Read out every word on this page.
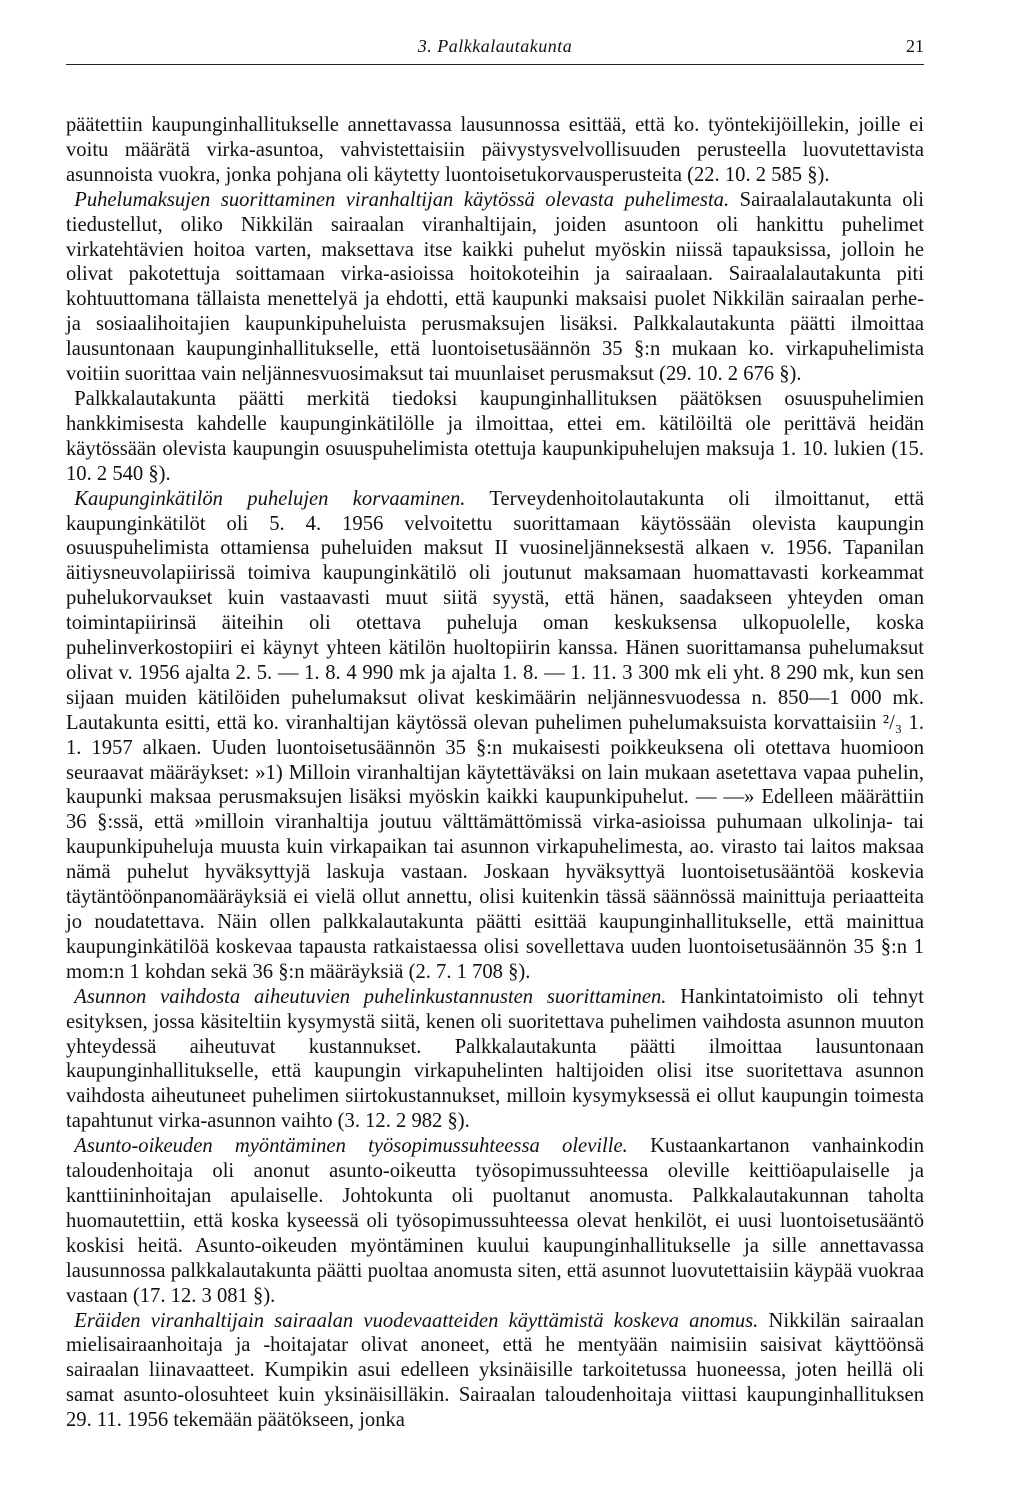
3. Palkkalautakunta	21

päätettiin kaupunginhallitukselle annettavassa lausunnossa esittää, että ko. työntekijöillekin, joille ei voitu määrätä virka-asuntoa, vahvistettaisiin päivystysvelvollisuuden perusteella luovutettavista asunnoista vuokra, jonka pohjana oli käytetty luontoisetukorvausperusteita (22. 10. 2 585 §).

Puhelumaksujen suorittaminen viranhaltijan käytössä olevasta puhelimesta. Sairaalalautakunta oli tiedustellut, oliko Nikkilän sairaalan viranhaltijain, joiden asuntoon oli hankittu puhelimet virkatehtävien hoitoa varten, maksettava itse kaikki puhelut myöskin niissä tapauksissa, jolloin he olivat pakotettuja soittamaan virka-asioissa hoitokoteihin ja sairaalaan. Sairaalalautakunta piti kohtuuttomana tällaista menettelyä ja ehdotti, että kaupunki maksaisi puolet Nikkilän sairaalan perhe- ja sosiaalihoitajien kaupunkipuheluista perusmaksujen lisäksi. Palkkalautakunta päätti ilmoittaa lausuntonaan kaupunginhallitukselle, että luontoisetusäännön 35 §:n mukaan ko. virkapuhelimista voitiin suorittaa vain neljännesvuosimaksut tai muunlaiset perusmaksut (29. 10. 2 676 §).

Palkkalautakunta päätti merkitä tiedoksi kaupunginhallituksen päätöksen osuuspuhelimien hankkimisesta kahdelle kaupunginkätilölle ja ilmoittaa, ettei em. kätilöiltä ole perittävä heidän käytössään olevista kaupungin osuuspuhelimista otettuja kaupunkipuhelujen maksuja 1. 10. lukien (15. 10. 2 540 §).

Kaupunginkätilön puhelujen korvaaminen. Terveydenhoitolautakunta oli ilmoittanut, että kaupunginkätilöt oli 5. 4. 1956 velvoitettu suorittamaan käytössään olevista kaupungin osuuspuhelimista ottamiensa puheluiden maksut II vuosineljänneksestä alkaen v. 1956. Tapanilan äitiysneuvolapiirissä toimiva kaupunginkätilö oli joutunut maksamaan huomattavasti korkeammat puhelukorvaukset kuin vastaavasti muut siitä syystä, että hänen, saadakseen yhteyden oman toimintapiirinsä äiteihin oli otettava puheluja oman keskuksensa ulkopuolelle, koska puhelinverkostopiiri ei käynyt yhteen kätilön huoltopiirin kanssa. Hänen suorittamansa puhelumaksut olivat v. 1956 ajalta 2. 5. — 1. 8. 4 990 mk ja ajalta 1. 8. — 1. 11. 3 300 mk eli yht. 8 290 mk, kun sen sijaan muiden kätilöiden puhelumaksut olivat keskimäärin neljännesvuodessa n. 850—1 000 mk. Lautakunta esitti, että ko. viranhaltijan käytössä olevan puhelimen puhelumaksuista korvattaisiin ²/₃ 1. 1. 1957 alkaen. Uuden luontoisetusäännön 35 §:n mukaisesti poikkeuksena oli otettava huomioon seuraavat määräykset: »1) Milloin viranhaltijan käytettäväksi on lain mukaan asetettava vapaa puhelin, kaupunki maksaa perusmaksujen lisäksi myöskin kaikki kaupunkipuhelut. — —» Edelleen määrättiin 36 §:ssä, että »milloin viranhaltija joutuu välttämättömissä virka-asioissa puhumaan ulkolinja- tai kaupunkipuheluja muusta kuin virkapaikan tai asunnon virkapuhelimesta, ao. virasto tai laitos maksaa nämä puhelut hyväksyttyjä laskuja vastaan. Joskaan hyväksyttyä luontoisetusääntöä koskevia täytäntöönpanomääräyksiä ei vielä ollut annettu, olisi kuitenkin tässä säännössä mainittuja periaatteita jo noudatettava. Näin ollen palkkalautakunta päätti esittää kaupunginhallitukselle, että mainittua kaupunginkätilöä koskevaa tapausta ratkaistaessa olisi sovellettava uuden luontoisetusäännön 35 §:n 1 mom:n 1 kohdan sekä 36 §:n määräyksiä (2. 7. 1 708 §).

Asunnon vaihdosta aiheutuvien puhelinkustannusten suorittaminen. Hankintatoimisto oli tehnyt esityksen, jossa käsiteltiin kysymystä siitä, kenen oli suoritettava puhelimen vaihdosta asunnon muuton yhteydessä aiheutuvat kustannukset. Palkkalautakunta päätti ilmoittaa lausuntonaan kaupunginhallitukselle, että kaupungin virkapuhelinten haltijoiden olisi itse suoritettava asunnon vaihdosta aiheutuneet puhelimen siirtokustannukset, milloin kysymyksessä ei ollut kaupungin toimesta tapahtunut virka-asunnon vaihto (3. 12. 2 982 §).

Asunto-oikeuden myöntäminen työsopimussuhteessa oleville. Kustaankartanon vanhainkodin taloudenhoitaja oli anonut asunto-oikeutta työsopimussuhteessa oleville keittiöapulaiselle ja kanttiininhoitajan apulaiselle. Johtokunta oli puoltanut anomusta. Palkkalautakunnan taholta huomautettiin, että koska kyseessä oli työsopimussuhteessa olevat henkilöt, ei uusi luontoisetusääntö koskisi heitä. Asunto-oikeuden myöntäminen kuului kaupunginhallitukselle ja sille annettavassa lausunnossa palkkalautakunta päätti puoltaa anomusta siten, että asunnot luovutettaisiin käypää vuokraa vastaan (17. 12. 3 081 §).

Eräiden viranhaltijain sairaalan vuodevaatteiden käyttämistä koskeva anomus. Nikkilän sairaalan mielisairaanhoitaja ja -hoitajatar olivat anoneet, että he mentyään naimisiin saisivat käyttöönsä sairaalan liinavaatteet. Kumpikin asui edelleen yksinäisille tarkoitetussa huoneessa, joten heillä oli samat asunto-olosuhteet kuin yksinäisilläkin. Sairaalan taloudenhoitaja viittasi kaupunginhallituksen 29. 11. 1956 tekemään päätökseen, jonka
